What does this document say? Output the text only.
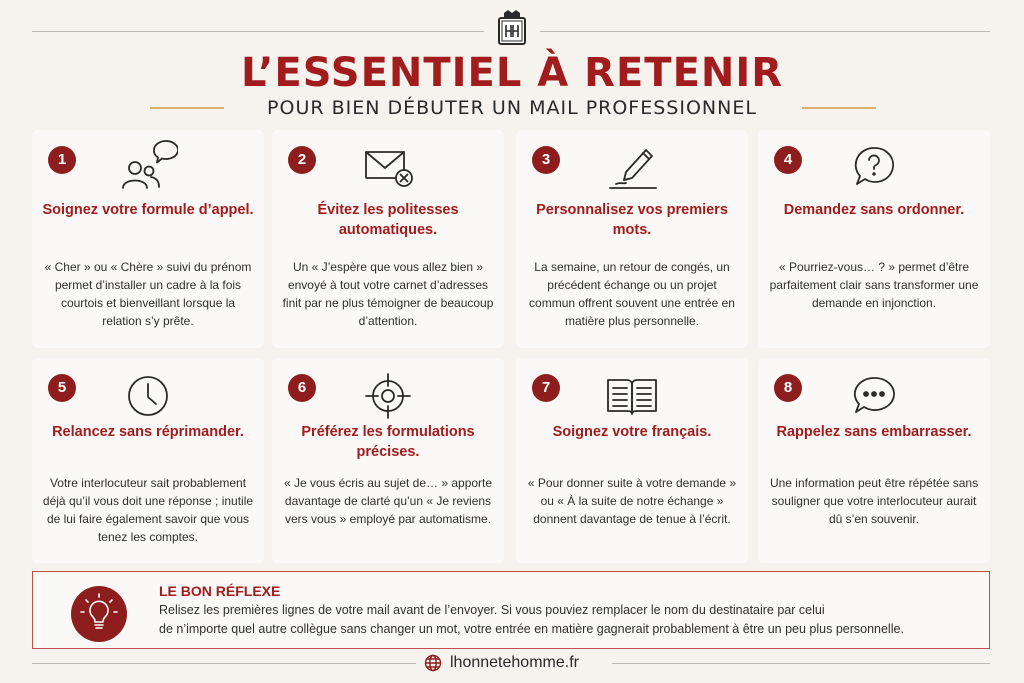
L’ESSENTIEL À RETENIR
POUR BIEN DÉBUTER UN MAIL PROFESSIONNEL
1
Soignez votre formule d’appel.
« Cher » ou « Chère » suivi du prénom permet d’installer un cadre à la fois courtois et bienveillant lorsque la relation s’y prête.
2
Évitez les politesses automatiques.
Un « J’espère que vous allez bien » envoyé à tout votre carnet d’adresses finit par ne plus témoigner de beaucoup d’attention.
3
Personnalisez vos premiers mots.
La semaine, un retour de congés, un précédent échange ou un projet commun offrent souvent une entrée en matière plus personnelle.
4
Demandez sans ordonner.
« Pourriez-vous… ? » permet d’être parfaitement clair sans transformer une demande en injonction.
5
Relancez sans réprimander.
Votre interlocuteur sait probablement déjà qu’il vous doit une réponse ; inutile de lui faire également savoir que vous tenez les comptes.
6
Préférez les formulations précises.
« Je vous écris au sujet de… » apporte davantage de clarté qu’un « Je reviens vers vous » employé par automatisme.
7
Soignez votre français.
« Pour donner suite à votre demande » ou « À la suite de notre échange » donnent davantage de tenue à l’écrit.
8
Rappelez sans embarrasser.
Une information peut être répétée sans souligner que votre interlocuteur aurait dû s’en souvenir.
LE BON RÉFLEXE
Relisez les premières lignes de votre mail avant de l’envoyer. Si vous pouviez remplacer le nom du destinataire par celui
de n’importe quel autre collègue sans changer un mot, votre entrée en matière gagnerait probablement à être un peu plus personnelle.
lhonnetehomme.fr
